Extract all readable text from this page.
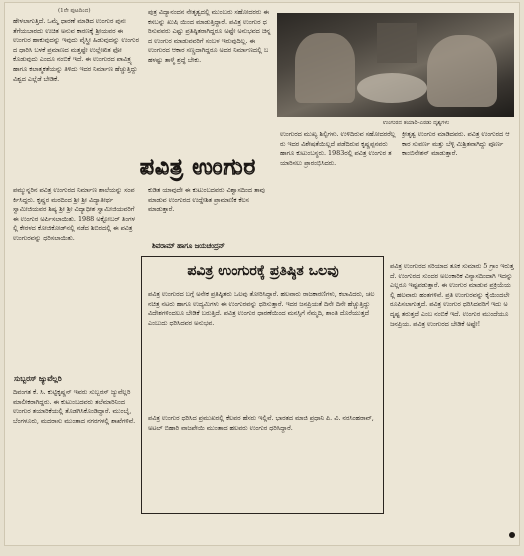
(1ನೇ ಪುಟದಿಂದ)

ಹೇಳಲಾಗುತ್ತಿದೆ. ಒಮ್ಮೆ ಧಾರಣೆ ಮಾಡಿದ ಉಂಗುರ ಪುನಃ ತೆಗೆಯಬಾರದು ಉಚಿತ ಅನುವ ಕಾರಣಕ್ಕೆ ಶ್ರೀಯವರ ಈ ಉಂಗುರ ಹಾಕುವುದನ್ನು ಇವುದು ಪೈಸ್ತ್ರೀ ಹಿಡುವುದನ್ನು ಉಂಗುರದ ಧಾರಿಸಿ ಬಳಕೆ ಪ್ರಮಾಣದ ಮತ್ತಷ್ಟೇ ಉಲ್ಲೇಖಿತ ಫೋ ಕೊಡುವುದು ಎಂದೂ ನಂಬಿಕೆ ಇದೆ. ಈ ಉಂಗುರದ ಪಾವಿತ್ರ್ಯ ಹಾಗೂ ಕಲಾತ್ಮಕತೆಯನ್ನು ತಿಳಿದು ಇದರ ನಿರ್ಮಾಣ ಹೆಚ್ಚುತ್ತಿದ್ದು ವಿಶ್ವದ ಎಲ್ಲೆಡೆ ಬೇಡಿಕೆ.

ಪುತ್ರ ವಿದ್ಯಾನಂದನ ನೇತೃತ್ವದಲ್ಲಿ ಮುಂಬರು ಸಹೋದರರು ಈ ಕಸಬನ್ನು ಖುಷಿ ಯಿಂದ ಮಾಡುತ್ತಿದ್ದಾರೆ. ಪವಿತ್ರ ಉಂಗುರ ಧರಿಸುವವರು ಎಷ್ಟು ಪ್ರತಿಷ್ಠಿತರಾಗಿದ್ದರೂ ಅಷ್ಟೇ ಅನುಭವದ ಚಿನ್ನದ ಉಂಗುರ ಮಾಡುವವರಿಗೆ ಸಂಬಳ ಇರುವುದಿಲ್ಲ. ಈ ಉಂಗುರದ ಆಕಾರ ಸಣ್ಣದಾಗಿದ್ದರೂ ಅದರ ನಿರ್ಮಾಣದಲ್ಲಿ ಬಹಳಷ್ಟು ತಾಳ್ಮೆ ಶ್ರದ್ಧೆ ಬೇಕು.

ಉಂಗುರದ ತಯಾರಿ-ಎರಡು ದೃಶ್ಯಗಳು

ಉಂಗುರದ ಮುಖ್ಯ ಶಿಲ್ಪಿಗಳು. ಉಳಿದಿರುವ ಸಹೋದರರೆಲ್ಲರು ಇದರ ವಿಶೇಷತೆಯಿಲ್ಲದೆ ಪಡೆದಿರುವ ಕೃಷ್ಣಪ್ಪನವರು ಹಾಗೂ ಕುಟುಂಬಸ್ಥರು. 1983ರಲ್ಲಿ ಪವಿತ್ರ ಉಂಗುರ ತಯಾರಿಸಲು ಪ್ರಾರಂಭಿಸಿದರು.

ಕ್ರೀತೃತ್ವ ಉಂಗುರ ಮಾಡಿದವರು. ಪವಿತ್ರ ಉಂಗುರದ ಆಕಾರ ಸುವರ್ಣ ಮತ್ತು ಬೆಳ್ಳಿ ಮಿಶ್ರಿತವಾಗಿದ್ದು ಪೂರ್ಣ ಕಾಂಬಿನೇಶನ್‌ ಮಾಡುತ್ತಾರೆ.

ಪವಿತ್ರ ಉಂಗುರ

ಪಮ್ಮುನ್ನರಿನ ಪವಿತ್ರ ಉಂಗುರದ ನಿರ್ಮಾಣ ಶಾಲೆಯನ್ನು ಸಂಪರ್ಕಿಸಿದ್ದರು. ಕೃಷ್ಣರ ಮಠದಿಂದ ಶ್ರೀ ಶ್ರೀ ವಿದ್ಯಾತೀರ್ಥ ಸ್ವಾಮೀಜಿಯವರ ಶಿಷ್ಯ ಶ್ರೀ ಶ್ರೀ ವಿದ್ಯಾಧೀಶ ಸ್ವಾಮೀಜಿಯವರಿಗೆ ಈ ಉಂಗುರ ಅರ್ಪಿಸಲಾಯಿತು. 1988 ಅಕ್ಟೋಬರ್‌ ತಿಂಗಳಲ್ಲಿ ಕೇರಳದ ಕೋಜಿಕೋಡ್‌ನಲ್ಲಿ ನಡೆದ ಶಿಬಿರದಲ್ಲಿ ಈ ಪವಿತ್ರ ಉಂಗುರವನ್ನು ಧರಿಸಲಾಯಿತು.

ಕುಡಿತ ಯಾವುದೇ ಈ ಕುಟುಂಬದವರು ವಿಶ್ವಾಸದಿಂದ ತಾವು ಮಾಡುವ ಉಂಗುರದ ಉದ್ದೇಶಿತ ಪ್ರಾಮಾಣಿಕ ಕೆಲಸ ಮಾಡುತ್ತಾರೆ.

ಶಿವರಾಮ್‌ ಹಾಗೂ ಜಯಚಂದ್ರನ್
ಪವಿತ್ರ ಉಂಗುರಕ್ಕೆ ಪ್ರತಿಷ್ಠಿತ ಒಲವು

ಪವಿತ್ರ ಉಂಗುರದ ಬಗ್ಗೆ ಅನೇಕ ಪ್ರತಿಷ್ಠಿತರು ಒಲವು ತೋರಿಸಿದ್ದಾರೆ. ಹಲವಾರು ರಾಜಕಾರಣಿಗಳು, ಕಲಾವಿದರು, ಚಲನಚಿತ್ರ ನಟರು ಹಾಗೂ ಉದ್ಯಮಿಗಳು ಈ ಉಂಗುರವನ್ನು ಧರಿಸುತ್ತಾರೆ. ಇದರ ಜನಪ್ರಿಯತೆ ದಿನೇ ದಿನೇ ಹೆಚ್ಚುತ್ತಿದ್ದು ವಿದೇಶಗಳಿಂದಲೂ ಬೇಡಿಕೆ ಬರುತ್ತಿದೆ. ಪವಿತ್ರ ಉಂಗುರ ಧಾರಣೆಯಿಂದ ಮನಸ್ಸಿಗೆ ನೆಮ್ಮದಿ, ಶಾಂತಿ ದೊರೆಯುತ್ತದೆ ಎಂಬುದು ಧರಿಸಿದವರ ಅನುಭವ.

ಪವಿತ್ರ ಉಂಗುರ ಧರಿಸಿದ ಪ್ರಮುಖರಲ್ಲಿ ಕೆಲವರ ಹೆಸರು ಇಲ್ಲಿವೆ. ಭಾರತದ ಮಾಜಿ ಪ್ರಧಾನಿ ಪಿ. ವಿ. ನರಸಿಂಹರಾವ್‌, ಅಟಲ್‌ ಬಿಹಾರಿ ವಾಜಪೇಯಿ ಮುಂತಾದ ಹಲವರು ಉಂಗುರ ಧರಿಸಿದ್ದಾರೆ.

ಸುಬ್ಬರಸ್‌ ಜ್ಯುವೆಲ್ಲರಿ

ದಿವಂಗತ ಕೆ. ಸಿ. ಕುಟ್ಟಿಕೃಷ್ಣನ್‌ ಇವರು ಸುಬ್ಬರಸ್‌ ಜ್ಯುವೆಲ್ಲರಿ ಮಾಲೀಕರಾಗಿದ್ದರು. ಈ ಕುಟುಂಬದವರು ತಲೆಮಾರಿನಿಂದ ಉಂಗುರ ತಯಾರಿಕೆಯಲ್ಲಿ ತೊಡಗಿಸಿಕೊಂಡಿದ್ದಾರೆ. ಮುಂಬೈ, ಬೆಂಗಳೂರು, ಮದರಾಸು ಮುಂತಾದ ನಗರಗಳಲ್ಲಿ ಶಾಖೆಗಳಿವೆ.

ಪವಿತ್ರ ಉಂಗುರದ ಸರಿಯಾದ ತೂಕ ಸುಮಾರು 5 ಗ್ರಾಂ ಇರುತ್ತದೆ. ಉಂಗುರದ ಸುಂದರ ಅಲಂಕಾರಿಕ ವಿನ್ಯಾಸದಿಂದಾಗಿ ಇದನ್ನು ಎಲ್ಲರೂ ಇಷ್ಟಪಡುತ್ತಾರೆ. ಈ ಉಂಗುರ ಮಾಡುವ ಪ್ರಕ್ರಿಯೆಯಲ್ಲಿ ಹಲವಾರು ಹಂತಗಳಿವೆ. ಪ್ರತಿ ಉಂಗುರವನ್ನು ಕೈಯಿಂದಲೇ ರೂಪಿಸಲಾಗುತ್ತದೆ. ಪವಿತ್ರ ಉಂಗುರ ಧರಿಸಿದವರಿಗೆ ಇದು ಅದೃಷ್ಟ ತರುತ್ತದೆ ಎಂಬ ನಂಬಿಕೆ ಇದೆ. ಉಂಗುರ ಮುಂದೆಯೂ ಜನಪ್ರಿಯ. ಪವಿತ್ರ ಉಂಗುರದ ಬೇಡಿಕೆ ಅಷ್ಟೇ!
